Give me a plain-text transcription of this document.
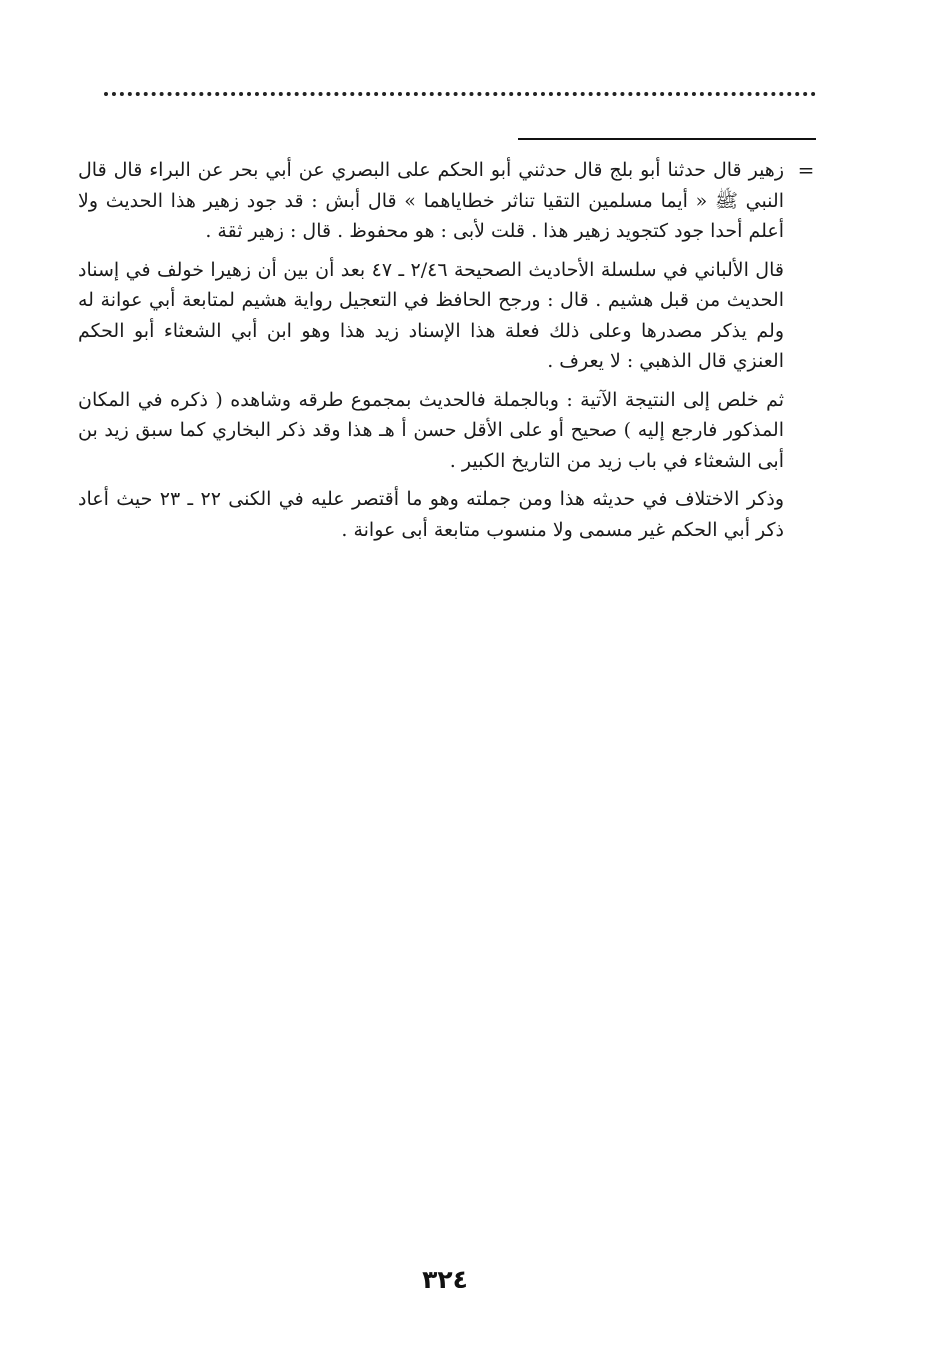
=

زهير قال حدثنا أبو بلج قال حدثني أبو الحكم على البصري عن أبي بحر عن البراء قال قال النبي ﷺ « أيما مسلمين التقيا تناثر خطاياهما » قال أبش : قد جود زهير هذا الحديث ولا أعلم أحدا جود كتجويد زهير هذا . قلت لأبى : هو محفوظ . قال : زهير ثقة .

قال الألباني في سلسلة الأحاديث الصحيحة ٢/٤٦ ـ ٤٧ بعد أن بين أن زهيرا خولف في إسناد الحديث من قبل هشيم . قال : ورجح الحافظ في التعجيل رواية هشيم لمتابعة أبي عوانة له ولم يذكر مصدرها وعلى ذلك فعلة هذا الإسناد زيد هذا وهو ابن أبي الشعثاء أبو الحكم العنزي قال الذهبي : لا يعرف .

ثم خلص إلى النتيجة الآتية : وبالجملة فالحديث بمجموع طرقه وشاهده ( ذكره في المكان المذكور فارجع إليه ) صحيح أو على الأقل حسن أ هـ هذا وقد ذكر البخاري كما سبق زيد بن أبى الشعثاء في باب زيد من التاريخ الكبير .

وذكر الاختلاف في حديثه هذا ومن جملته وهو ما أقتصر عليه في الكنى ٢٢ ـ ٢٣ حيث أعاد ذكر أبي الحكم غير مسمى ولا منسوب متابعة أبى عوانة .

٣٢٤
